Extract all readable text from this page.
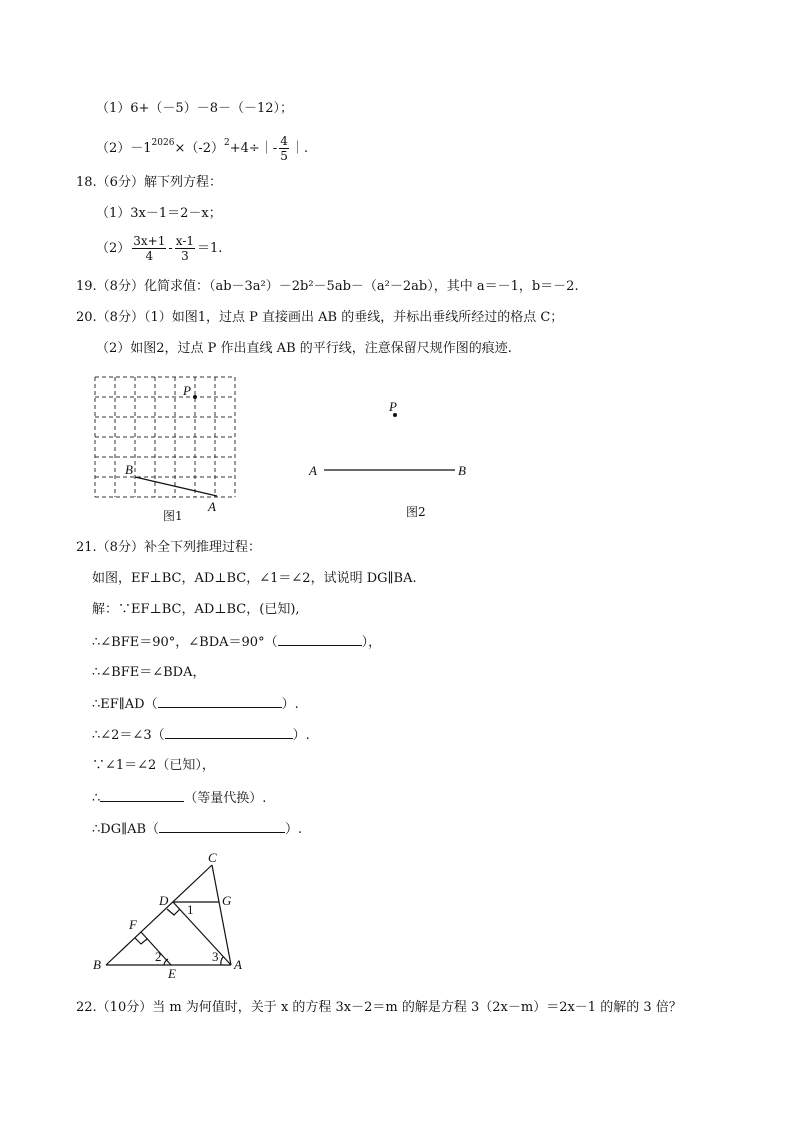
（1）6+（－5）－8－（－12）；
$(2)-1^{2026}\times(-2)^2+4\div|- \frac{4}{5}$ ｜.
18.（6分）解下列方程：
（1）3x－1＝2－x；
$(2) \frac{3x+1}{4} - \frac{x-1}{3} =1$.
19.（8分）化简求值：（ab－3a²）－2b²－5ab－（a²－2ab），其中 a＝－1，b＝－2.
20.（8分）（1）如图1，过点 P 直接画出 AB 的垂线，并标出垂线所经过的格点 C；
（2）如图2，过点 P 作出直线 AB 的平行线，注意保留尺规作图的痕迹.
P
B
A
图1
P
A	B
图2
21.（8分）补全下列推理过程：
如图，EF⊥BC，AD⊥BC，∠1＝∠2，试说明 DG∥BA.
解：∵EF⊥BC，AD⊥BC，(已知),
∴∠BFE＝90°，∠BDA＝90°（	），
∴∠BFE＝∠BDA，
∴EF∥AD（	）.
∴∠2＝∠3（	）.
∵∠1＝∠2（已知），
∴	（等量代换）.
∴DG∥AB（	）.
C
D	G
F
B
E
A
1
2	3
22.（10分）当 m 为何值时，关于 x 的方程 3x－2＝m 的解是方程 3（2x－m）＝2x－1 的解的 3 倍？
